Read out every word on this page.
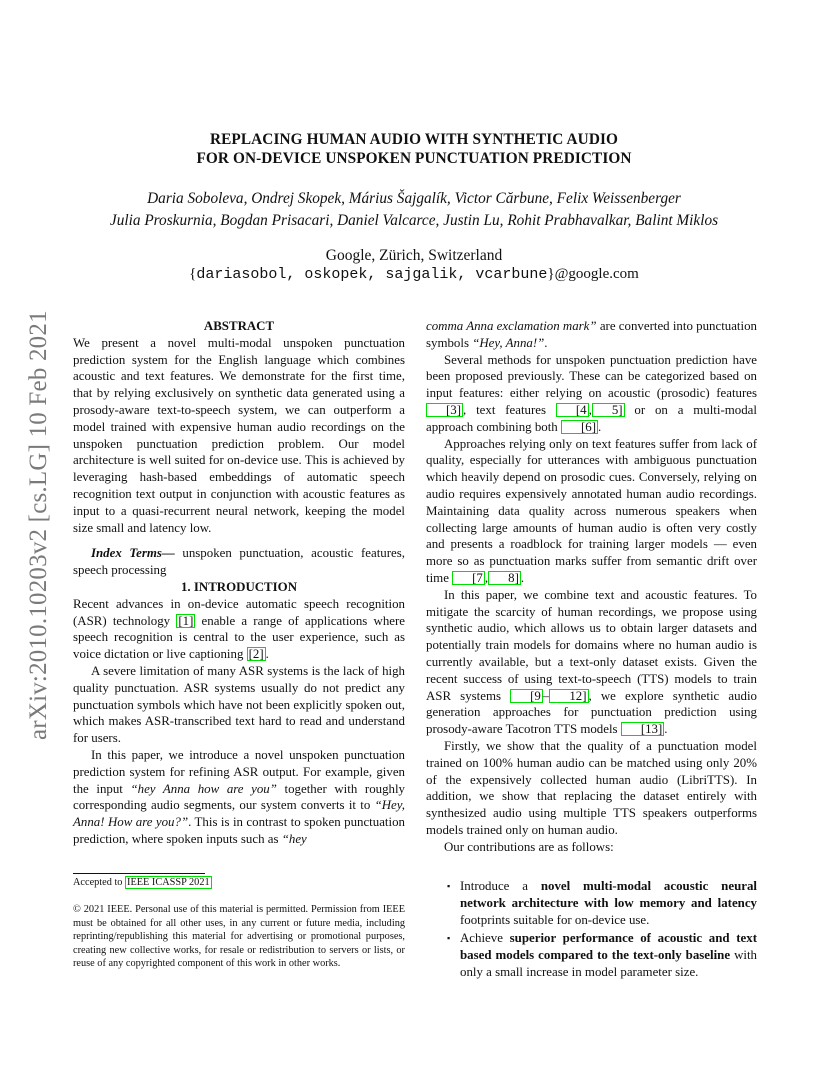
arXiv:2010.10203v2 [cs.LG] 10 Feb 2021
REPLACING HUMAN AUDIO WITH SYNTHETIC AUDIO
FOR ON-DEVICE UNSPOKEN PUNCTUATION PREDICTION
Daria Soboleva, Ondrej Skopek, Márius Šajgalík, Victor Cărbune, Felix Weissenberger
Julia Proskurnia, Bogdan Prisacari, Daniel Valcarce, Justin Lu, Rohit Prabhavalkar, Balint Miklos
Google, Zürich, Switzerland
{dariasobol, oskopek, sajgalik, vcarbune}@google.com

ABSTRACT

We present a novel multi-modal unspoken punctuation prediction system for the English language which combines acoustic and text features. We demonstrate for the first time, that by relying exclusively on synthetic data generated using a prosody-aware text-to-speech system, we can outperform a model trained with expensive human audio recordings on the unspoken punctuation prediction problem. Our model architecture is well suited for on-device use. This is achieved by leveraging hash-based embeddings of automatic speech recognition text output in conjunction with acoustic features as input to a quasi-recurrent neural network, keeping the model size small and latency low.

Index Terms— unspoken punctuation, acoustic features, speech processing

1. INTRODUCTION

Recent advances in on-device automatic speech recognition (ASR) technology [1] enable a range of applications where speech recognition is central to the user experience, such as voice dictation or live captioning [2] .

A severe limitation of many ASR systems is the lack of high quality punctuation. ASR systems usually do not predict any punctuation symbols which have not been explicitly spoken out, which makes ASR-transcribed text hard to read and understand for users.

In this paper, we introduce a novel unspoken punctuation prediction system for refining ASR output. For example, given the input “hey Anna how are you” together with roughly corresponding audio segments, our system converts it to “Hey, Anna! How are you?”. This is in contrast to spoken punctuation prediction, where spoken inputs such as “hey

Accepted to IEEE ICASSP 2021
© 2021 IEEE. Personal use of this material is permitted. Permission from IEEE must be obtained for all other uses, in any current or future media, including reprinting/republishing this material for advertising or promotional purposes, creating new collective works, for resale or redistribution to servers or lists, or reuse of any copyrighted component of this work in other works.

comma Anna exclamation mark” are converted into punctuation symbols “Hey, Anna!”.

Several methods for unspoken punctuation prediction have been proposed previously. These can be categorized based on input features: either relying on acoustic (prosodic) features [3] , text features [4 , 5] or on a multi-modal approach combining both [6] .

Approaches relying only on text features suffer from lack of quality, especially for utterances with ambiguous punctuation which heavily depend on prosodic cues. Conversely, relying on audio requires expensively annotated human audio recordings. Maintaining data quality across numerous speakers when collecting large amounts of human audio is often very costly and presents a roadblock for training larger models — even more so as punctuation marks suffer from semantic drift over time [7 , 8] .

In this paper, we combine text and acoustic features. To mitigate the scarcity of human recordings, we propose using synthetic audio, which allows us to obtain larger datasets and potentially train models for domains where no human audio is currently available, but a text-only dataset exists. Given the recent success of using text-to-speech (TTS) models to train ASR systems [9 – 12] , we explore synthetic audio generation approaches for punctuation prediction using prosody-aware Tacotron TTS models [13] .

Firstly, we show that the quality of a punctuation model trained on 100% human audio can be matched using only 20% of the expensively collected human audio (LibriTTS). In addition, we show that replacing the dataset entirely with synthesized audio using multiple TTS speakers outperforms models trained only on human audio.

Our contributions are as follows:

▪ Introduce a novel multi-modal acoustic neural network architecture with low memory and latency footprints suitable for on-device use.
▪ Achieve superior performance of acoustic and text based models compared to the text-only baseline with only a small increase in model parameter size.
